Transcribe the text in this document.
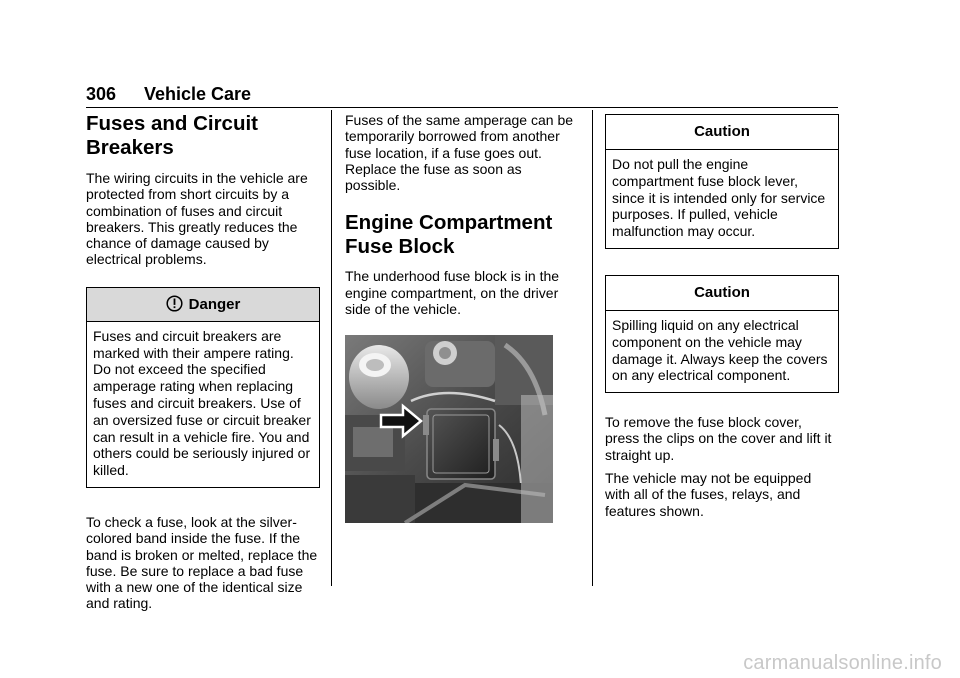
306 Vehicle Care
Fuses and Circuit Breakers

The wiring circuits in the vehicle are protected from short circuits by a combination of fuses and circuit breakers. This greatly reduces the chance of damage caused by electrical problems.

Danger
Fuses and circuit breakers are marked with their ampere rating. Do not exceed the specified amperage rating when replacing fuses and circuit breakers. Use of an oversized fuse or circuit breaker can result in a vehicle fire. You and others could be seriously injured or killed.

To check a fuse, look at the silver-colored band inside the fuse. If the band is broken or melted, replace the fuse. Be sure to replace a bad fuse with a new one of the identical size and rating.

Fuses of the same amperage can be temporarily borrowed from another fuse location, if a fuse goes out. Replace the fuse as soon as possible.

Engine Compartment Fuse Block

The underhood fuse block is in the engine compartment, on the driver side of the vehicle.

Caution
Do not pull the engine compartment fuse block lever, since it is intended only for service purposes. If pulled, vehicle malfunction may occur.
Caution
Spilling liquid on any electrical component on the vehicle may damage it. Always keep the covers on any electrical component.

To remove the fuse block cover, press the clips on the cover and lift it straight up.

The vehicle may not be equipped with all of the fuses, relays, and features shown.

carmanualsonline.info
